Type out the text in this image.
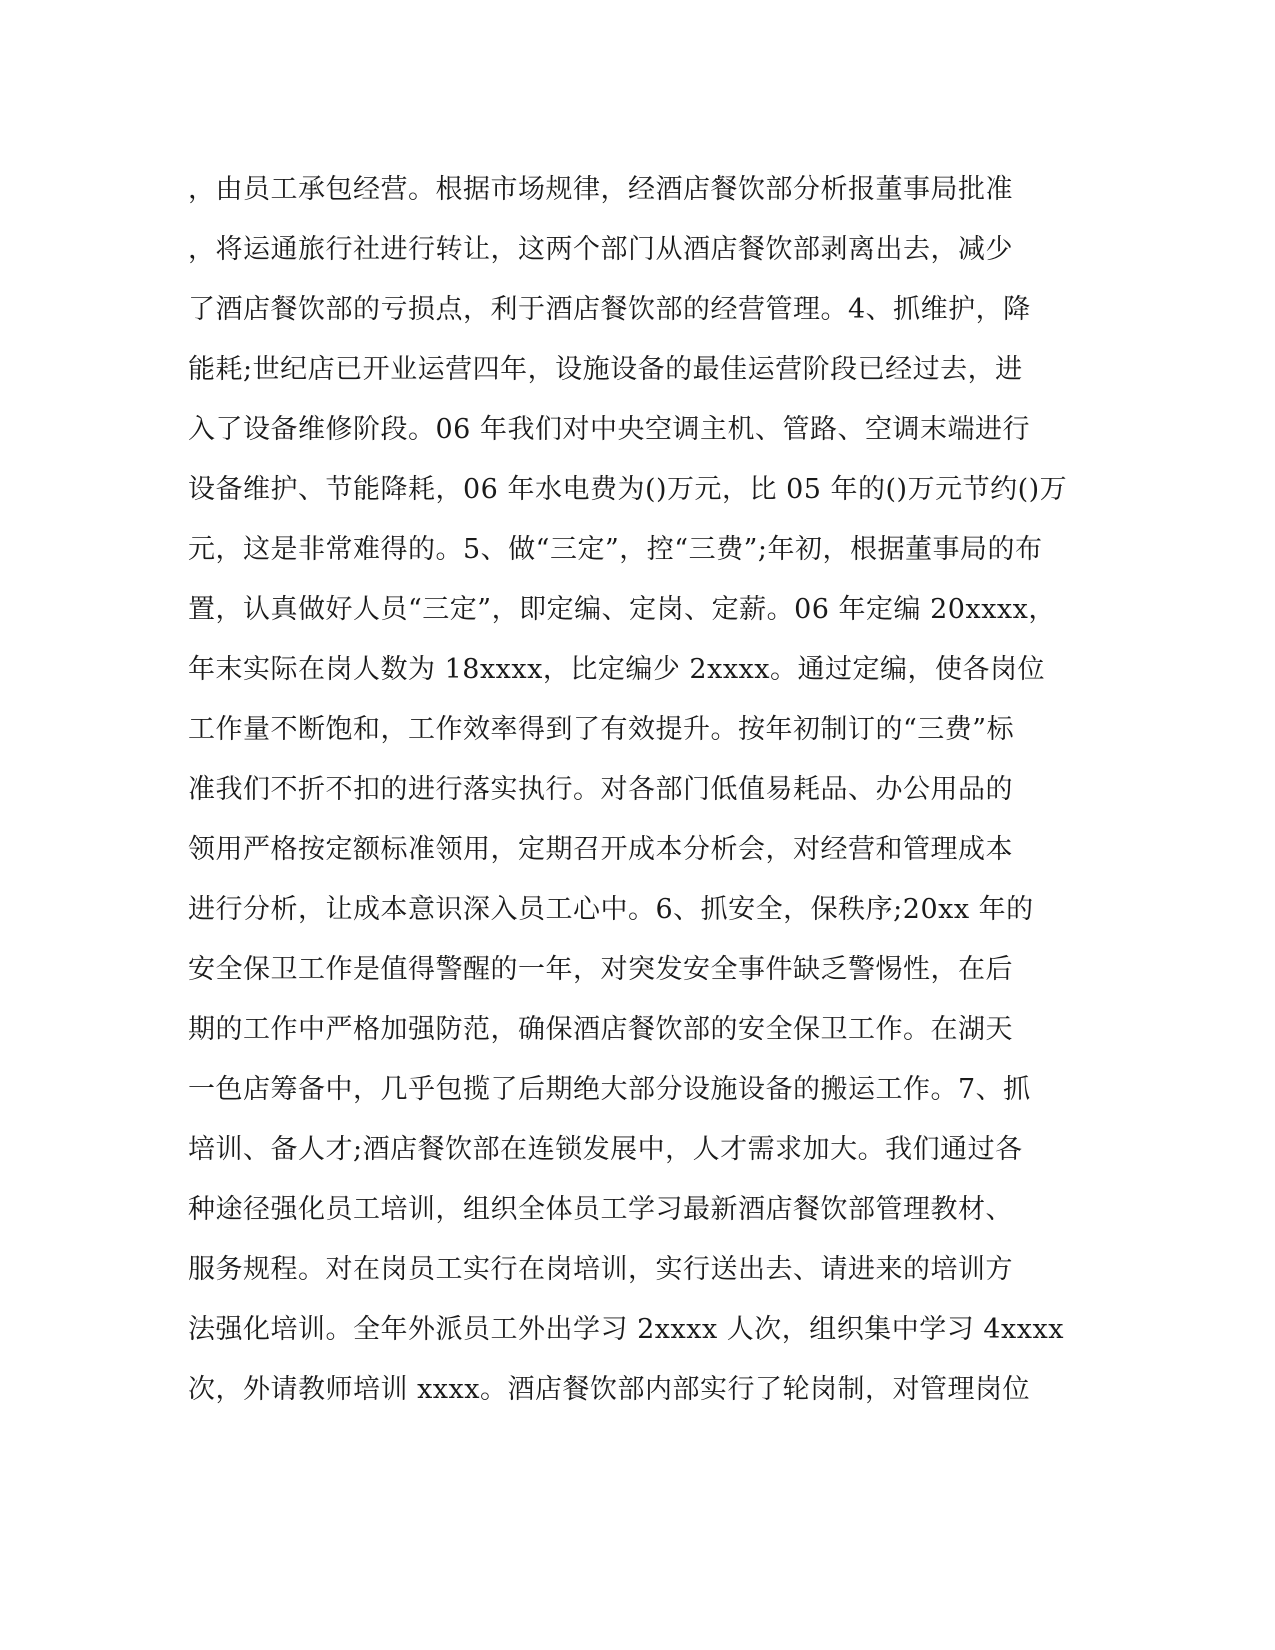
，由员工承包经营。根据市场规律，经酒店餐饮部分析报董事局批准
，将运通旅行社进行转让，这两个部门从酒店餐饮部剥离出去，减少
了酒店餐饮部的亏损点，利于酒店餐饮部的经营管理。4、抓维护，降
能耗;世纪店已开业运营四年，设施设备的最佳运营阶段已经过去，进
入了设备维修阶段。06 年我们对中央空调主机、管路、空调末端进行
设备维护、节能降耗，06 年水电费为()万元，比 05 年的()万元节约()万
元，这是非常难得的。5、做“三定”，控“三费”;年初，根据董事局的布
置，认真做好人员“三定”，即定编、定岗、定薪。06 年定编 20xxxx，
年末实际在岗人数为 18xxxx，比定编少 2xxxx。通过定编，使各岗位
工作量不断饱和，工作效率得到了有效提升。按年初制订的“三费”标
准我们不折不扣的进行落实执行。对各部门低值易耗品、办公用品的
领用严格按定额标准领用，定期召开成本分析会，对经营和管理成本
进行分析，让成本意识深入员工心中。6、抓安全，保秩序;20xx 年的
安全保卫工作是值得警醒的一年，对突发安全事件缺乏警惕性，在后
期的工作中严格加强防范，确保酒店餐饮部的安全保卫工作。在湖天
一色店筹备中，几乎包揽了后期绝大部分设施设备的搬运工作。7、抓
培训、备人才;酒店餐饮部在连锁发展中，人才需求加大。我们通过各
种途径强化员工培训，组织全体员工学习最新酒店餐饮部管理教材、
服务规程。对在岗员工实行在岗培训，实行送出去、请进来的培训方
法强化培训。全年外派员工外出学习 2xxxx 人次，组织集中学习 4xxxx
次，外请教师培训 xxxx。酒店餐饮部内部实行了轮岗制，对管理岗位
